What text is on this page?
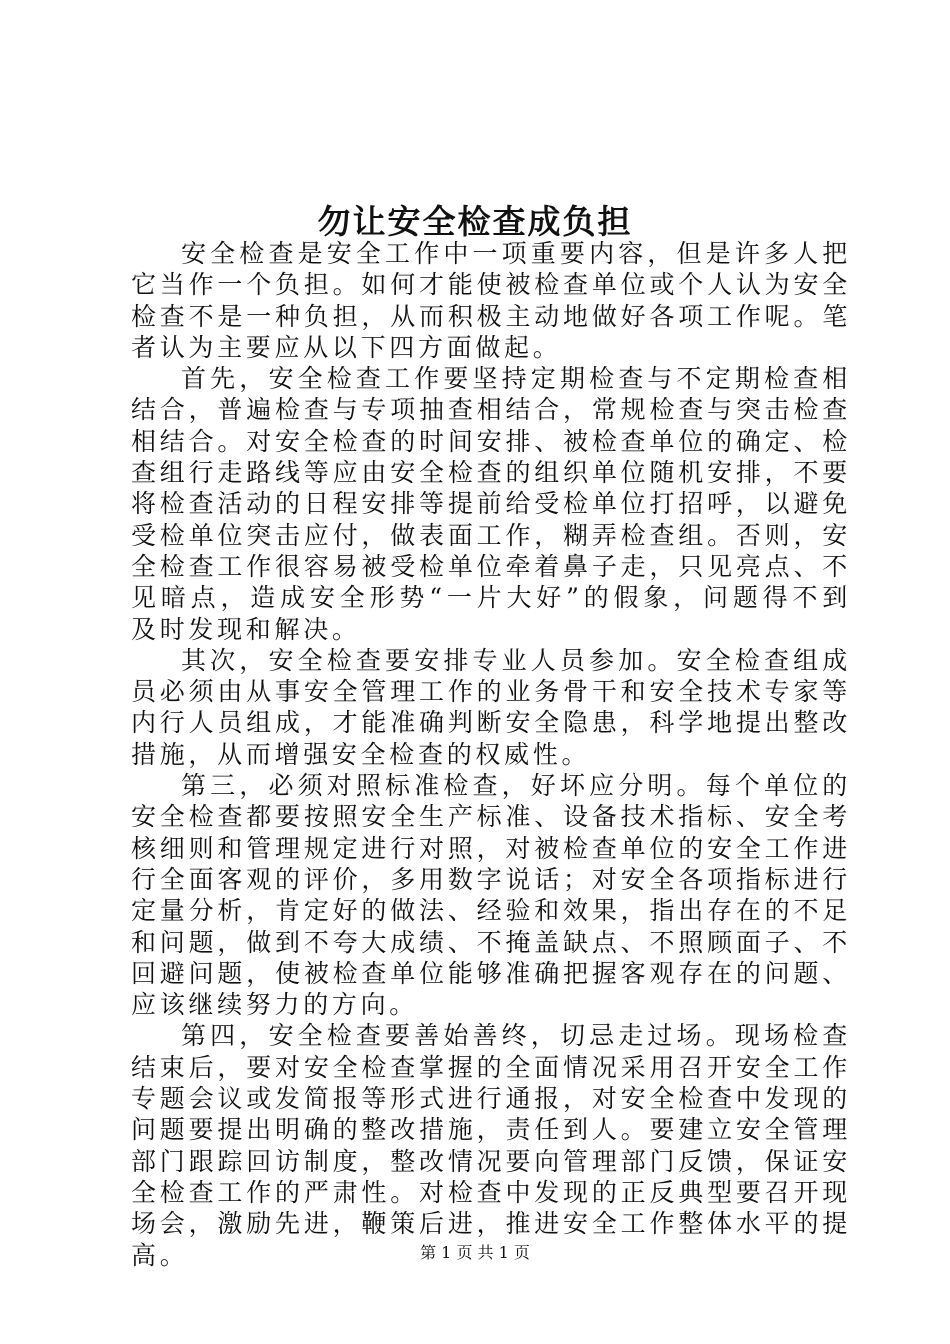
勿让安全检查成负担

安全检查是安全工作中一项重要内容，但是许多人把它当作一个负担。如何才能使被检查单位或个人认为安全检查不是一种负担，从而积极主动地做好各项工作呢。笔者认为主要应从以下四方面做起。

首先，安全检查工作要坚持定期检查与不定期检查相结合，普遍检查与专项抽查相结合，常规检查与突击检查相结合。对安全检查的时间安排、被检查单位的确定、检查组行走路线等应由安全检查的组织单位随机安排，不要将检查活动的日程安排等提前给受检单位打招呼，以避免受检单位突击应付，做表面工作，糊弄检查组。否则，安全检查工作很容易被受检单位牵着鼻子走，只见亮点、不见暗点，造成安全形势“一片大好”的假象，问题得不到及时发现和解决。

其次，安全检查要安排专业人员参加。安全检查组成员必须由从事安全管理工作的业务骨干和安全技术专家等内行人员组成，才能准确判断安全隐患，科学地提出整改措施，从而增强安全检查的权威性。

第三，必须对照标准检查，好坏应分明。每个单位的安全检查都要按照安全生产标准、设备技术指标、安全考核细则和管理规定进行对照，对被检查单位的安全工作进行全面客观的评价，多用数字说话；对安全各项指标进行定量分析，肯定好的做法、经验和效果，指出存在的不足和问题，做到不夸大成绩、不掩盖缺点、不照顾面子、不回避问题，使被检查单位能够准确把握客观存在的问题、应该继续努力的方向。

第四，安全检查要善始善终，切忌走过场。现场检查结束后，要对安全检查掌握的全面情况采用召开安全工作专题会议或发简报等形式进行通报，对安全检查中发现的问题要提出明确的整改措施，责任到人。要建立安全管理部门跟踪回访制度，整改情况要向管理部门反馈，保证安全检查工作的严肃性。对检查中发现的正反典型要召开现场会，激励先进，鞭策后进，推进安全工作整体水平的提高。	第 1 页 共 1 页
